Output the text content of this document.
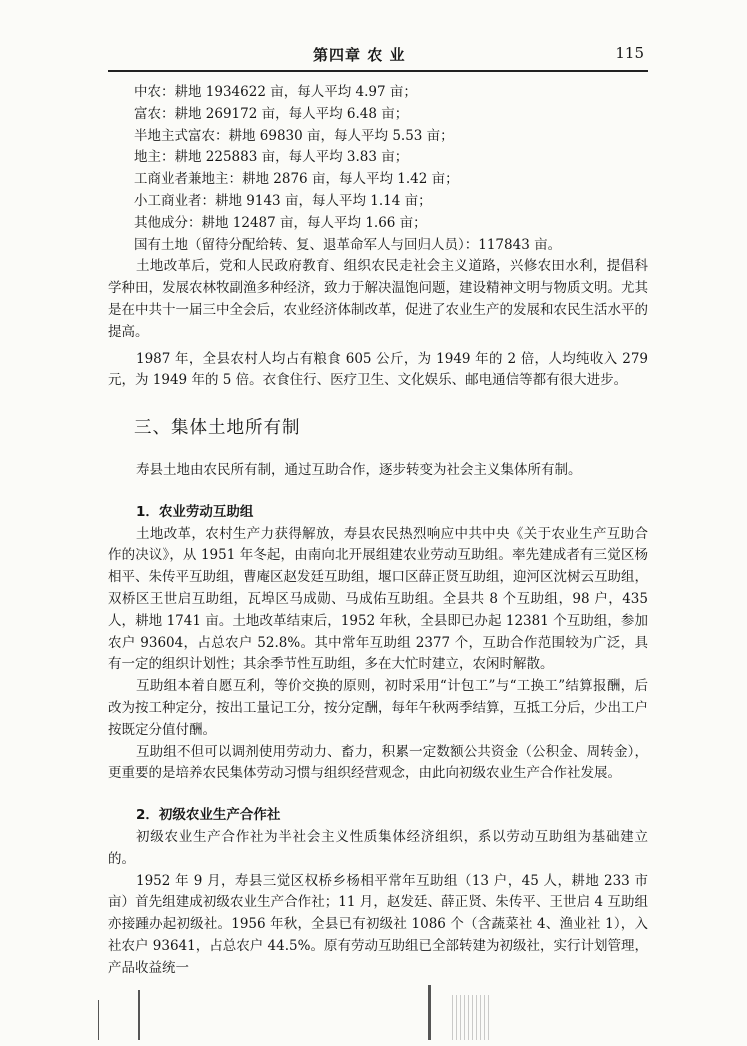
第四章 农 业	115

中农：耕地 1934622 亩，每人平均 4.97 亩；

富农：耕地 269172 亩，每人平均 6.48 亩；

半地主式富农：耕地 69830 亩，每人平均 5.53 亩；

地主：耕地 225883 亩，每人平均 3.83 亩；

工商业者兼地主：耕地 2876 亩，每人平均 1.42 亩；

小工商业者：耕地 9143 亩，每人平均 1.14 亩；

其他成分：耕地 12487 亩，每人平均 1.66 亩；

国有土地（留待分配给转、复、退革命军人与回归人员）：117843 亩。

土地改革后，党和人民政府教育、组织农民走社会主义道路，兴修农田水利，提倡科学种田，发展农林牧副渔多种经济，致力于解决温饱问题，建设精神文明与物质文明。尤其是在中共十一届三中全会后，农业经济体制改革，促进了农业生产的发展和农民生活水平的提高。

1987 年，全县农村人均占有粮食 605 公斤，为 1949 年的 2 倍，人均纯收入 279 元，为 1949 年的 5 倍。衣食住行、医疗卫生、文化娱乐、邮电通信等都有很大进步。

三、集体土地所有制

寿县土地由农民所有制，通过互助合作，逐步转变为社会主义集体所有制。

1．农业劳动互助组

土地改革，农村生产力获得解放，寿县农民热烈响应中共中央《关于农业生产互助合作的决议》，从 1951 年冬起，由南向北开展组建农业劳动互助组。率先建成者有三觉区杨相平、朱传平互助组，曹庵区赵发廷互助组，堰口区薛正贤互助组，迎河区沈树云互助组，双桥区王世启互助组，瓦埠区马成勋、马成佑互助组。全县共 8 个互助组，98 户，435 人，耕地 1741 亩。土地改革结束后，1952 年秋，全县即已办起 12381 个互助组，参加农户 93604，占总农户 52.8%。其中常年互助组 2377 个，互助合作范围较为广泛，具有一定的组织计划性；其余季节性互助组，多在大忙时建立，农闲时解散。

互助组本着自愿互利，等价交换的原则，初时采用“计包工”与“工换工”结算报酬，后改为按工种定分，按出工量记工分，按分定酬，每年午秋两季结算，互抵工分后，少出工户按既定分值付酬。

互助组不但可以调剂使用劳动力、畜力，积累一定数额公共资金（公积金、周转金），更重要的是培养农民集体劳动习惯与组织经营观念，由此向初级农业生产合作社发展。

2．初级农业生产合作社

初级农业生产合作社为半社会主义性质集体经济组织，系以劳动互助组为基础建立的。

1952 年 9 月，寿县三觉区权桥乡杨相平常年互助组（13 户，45 人，耕地 233 市亩）首先组建成初级农业生产合作社；11 月，赵发廷、薛正贤、朱传平、王世启 4 互助组亦接踵办起初级社。1956 年秋，全县已有初级社 1086 个（含蔬菜社 4、渔业社 1），入社农户 93641，占总农户 44.5%。原有劳动互助组已全部转建为初级社，实行计划管理，产品收益统一
